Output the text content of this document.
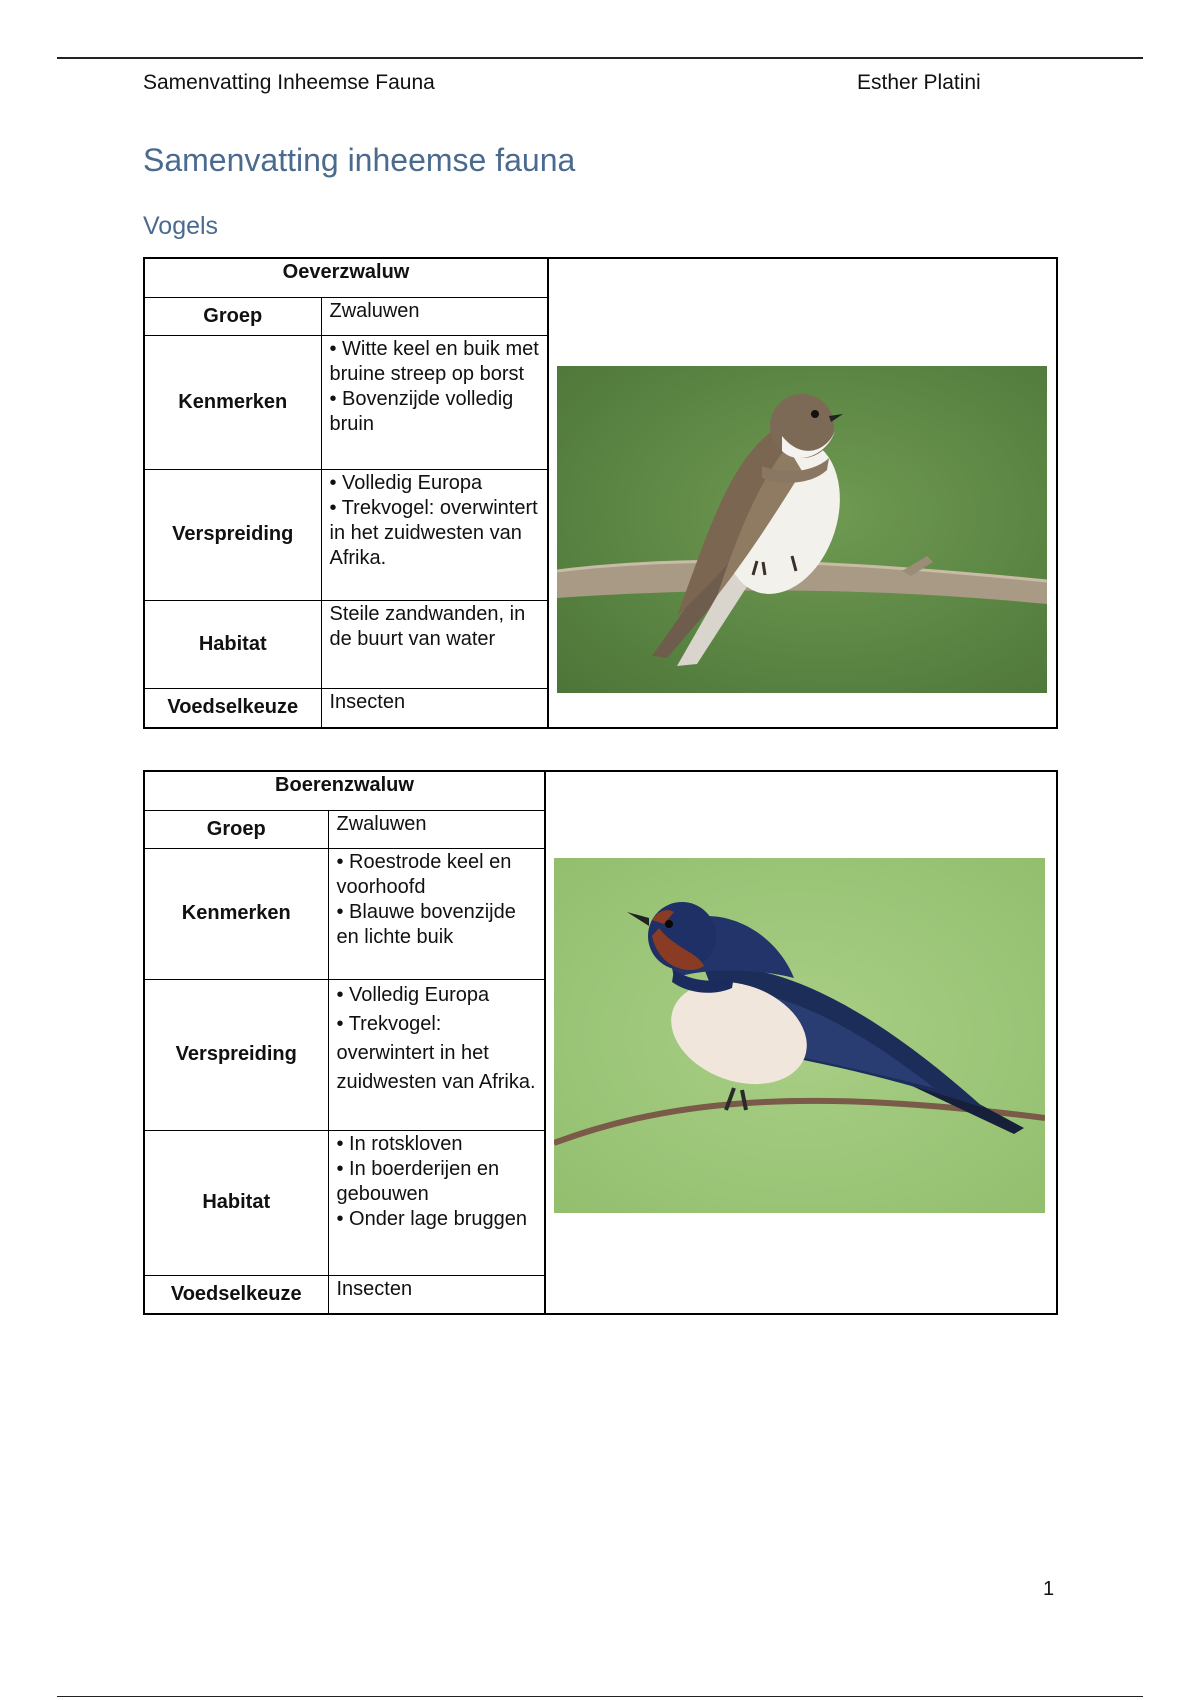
Samenvatting Inheemse Fauna	Esther Platini
Samenvatting inheemse fauna
Vogels
Oeverzwaluw	
Groep	Zwaluwen

Kenmerken	• Witte keel en buik met bruine streep op borst
• Bovenzijde volledig bruin

Verspreiding	• Volledig Europa
• Trekvogel: overwintert in het zuidwesten van Afrika.

Habitat	Steile zandwanden, in de buurt van water

Voedselkeuze	Insecten
Boerenzwaluw	
Groep	Zwaluwen

Kenmerken	• Roestrode keel en voorhoofd
• Blauwe bovenzijde en lichte buik

Verspreiding	• Volledig Europa
• Trekvogel: overwintert in het zuidwesten van Afrika.

Habitat	• In rotskloven
• In boerderijen en gebouwen
• Onder lage bruggen

Voedselkeuze	Insecten
1
